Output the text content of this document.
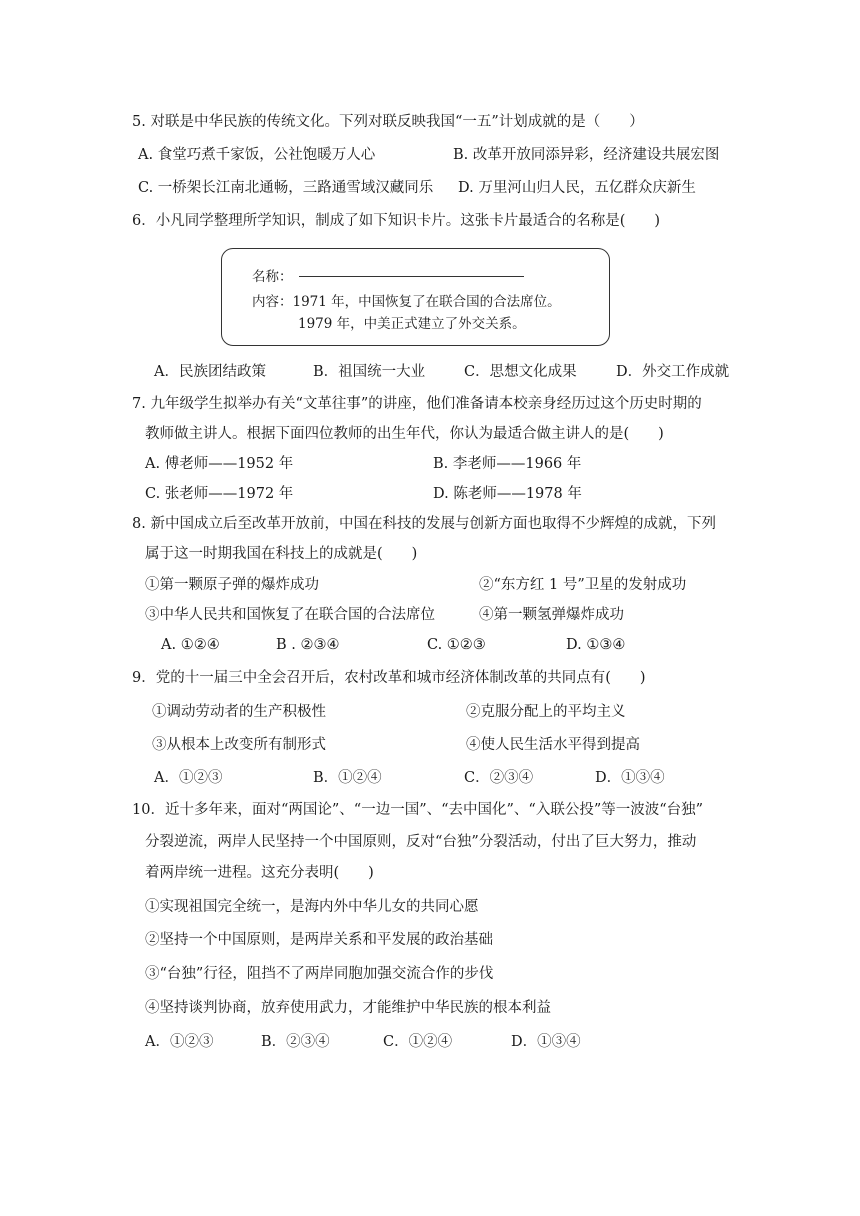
5. 对联是中华民族的传统文化。下列对联反映我国“一五”计划成就的是（　　）
A. 食堂巧煮千家饭，公社饱暖万人心	B. 改革开放同添异彩，经济建设共展宏图
C. 一桥架长江南北通畅，三路通雪域汉藏同乐 D. 万里河山归人民，五亿群众庆新生
6．小凡同学整理所学知识，制成了如下知识卡片。这张卡片最适合的名称是(　　)
名称：
内容：1971 年，中国恢复了在联合国的合法席位。
1979 年，中美正式建立了外交关系。
A．民族团结政策	B．祖国统一大业	C．思想文化成果	D．外交工作成就
7. 九年级学生拟举办有关“文革往事”的讲座，他们准备请本校亲身经历过这个历史时期的
教师做主讲人。根据下面四位教师的出生年代，你认为最适合做主讲人的是(　　)
A. 傅老师——1952 年	B. 李老师——1966 年
C. 张老师——1972 年	D. 陈老师——1978 年
8. 新中国成立后至改革开放前，中国在科技的发展与创新方面也取得不少辉煌的成就，下列
属于这一时期我国在科技上的成就是(　　)
①第一颗原子弹的爆炸成功	②“东方红 1 号”卫星的发射成功
③中华人民共和国恢复了在联合国的合法席位	④第一颗氢弹爆炸成功
A. ①②④	B . ②③④	C. ①②③	D. ①③④
9．党的十一届三中全会召开后，农村改革和城市经济体制改革的共同点有(　　)
①调动劳动者的生产积极性	②克服分配上的平均主义
③从根本上改变所有制形式	④使人民生活水平得到提高
A．①②③	B．①②④	C．②③④	D．①③④
10．近十多年来，面对“两国论”、“一边一国”、“去中国化”、“入联公投”等一波波“台独”
分裂逆流，两岸人民坚持一个中国原则，反对“台独”分裂活动，付出了巨大努力，推动
着两岸统一进程。这充分表明(　　)
①实现祖国完全统一，是海内外中华儿女的共同心愿
②坚持一个中国原则，是两岸关系和平发展的政治基础
③“台独”行径，阻挡不了两岸同胞加强交流合作的步伐
④坚持谈判协商，放弃使用武力，才能维护中华民族的根本利益
A．①②③	B．②③④	C．①②④	D．①③④
